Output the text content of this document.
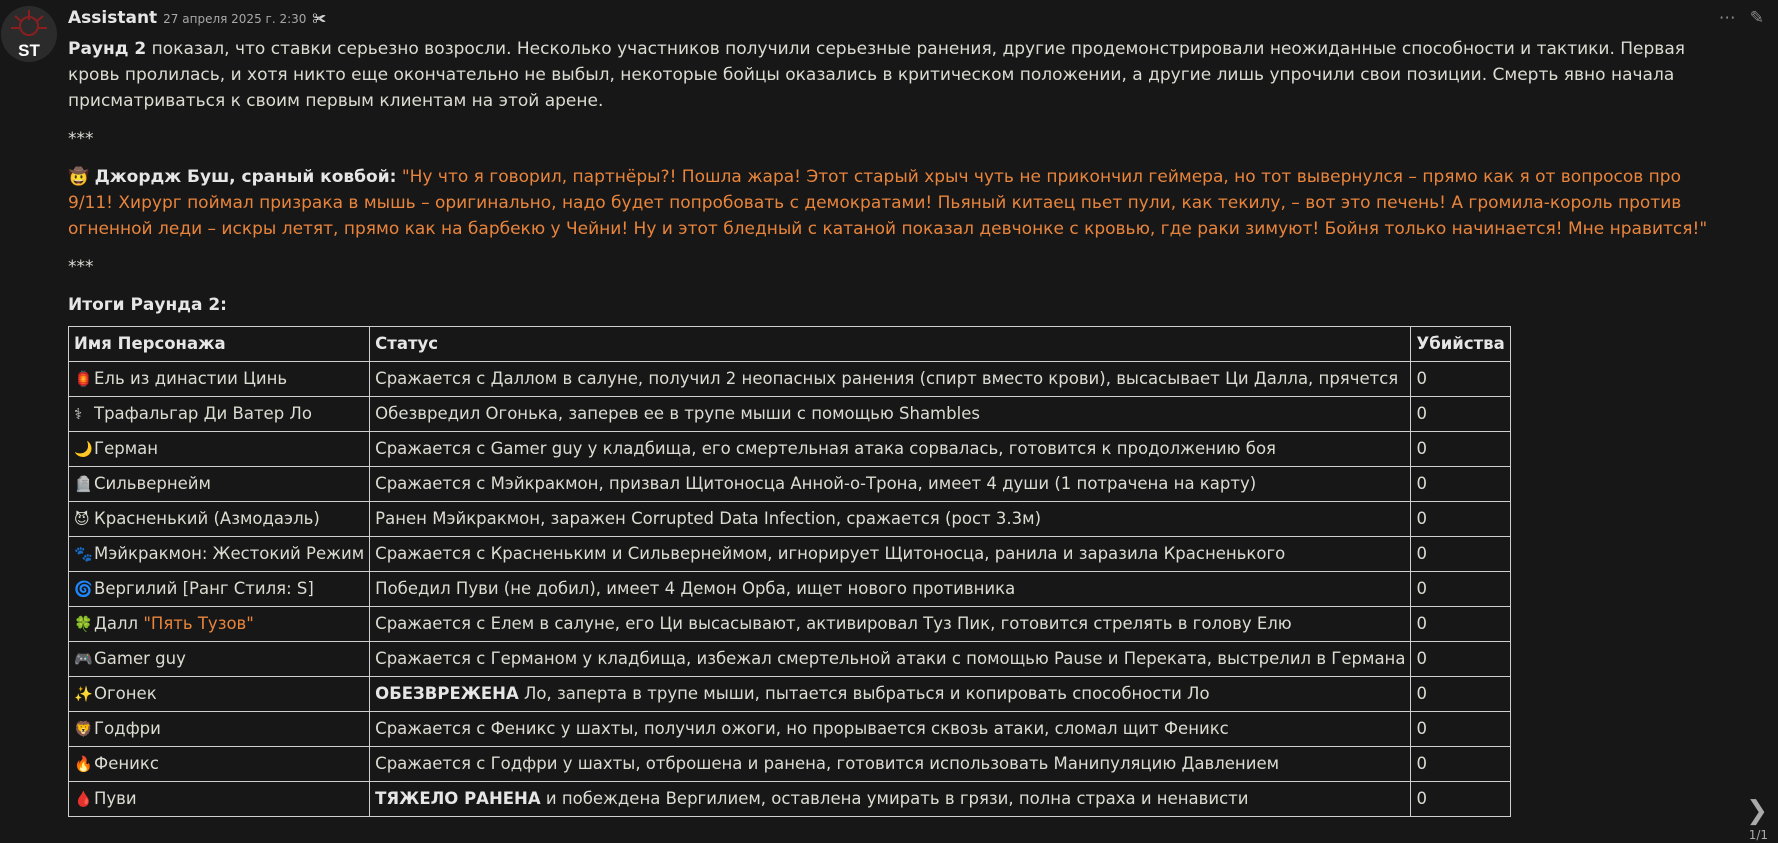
ST
Assistant 27 апреля 2025 г. 2:30 ✀	⋯ ✎

Раунд 2 показал, что ставки серьезно возросли. Несколько участников получили серьезные ранения, другие продемонстрировали неожиданные способности и тактики. Первая кровь пролилась, и хотя никто еще окончательно не выбыл, некоторые бойцы оказались в критическом положении, а другие лишь упрочили свои позиции. Смерть явно начала присматриваться к своим первым клиентам на этой арене.

***

🤠 Джордж Буш, сраный ковбой: "Ну что я говорил, партнёры?! Пошла жара! Этот старый хрыч чуть не прикончил геймера, но тот вывернулся – прямо как я от вопросов про 9/11! Хирург поймал призрака в мышь – оригинально, надо будет попробовать с демократами! Пьяный китаец пьет пули, как текилу, – вот это печень! А громила-король против огненной леди – искры летят, прямо как на барбекю у Чейни! Ну и этот бледный с катаной показал девчонке с кровью, где раки зимуют! Бойня только начинается! Мне нравится!"

***

Итоги Раунда 2:

Имя Персонажа	Статус	Убийства
🏮Ель из династии Цинь	Сражается с Даллом в салуне, получил 2 неопасных ранения (спирт вместо крови), высасывает Ци Далла, прячется	0
⚕ Трафальгар Ди Ватер Ло	Обезвредил Огонька, заперев ее в трупе мыши с помощью Shambles	0
🌙Герман	Сражается с Gamer guy у кладбища, его смертельная атака сорвалась, готовится к продолжению боя	0
🪦Сильвернейм	Сражается с Мэйкракмон, призвал Щитоносца Анной-о-Трона, имеет 4 души (1 потрачена на карту)	0
😈 Красненький (Азмодаэль)	Ранен Мэйкракмон, заражен Corrupted Data Infection, сражается (рост 3.3м)	0
🐾Мэйкракмон: Жестокий Режим	Сражается с Красненьким и Сильвернеймом, игнорирует Щитоносца, ранила и заразила Красненького	0
🌀Вергилий [Ранг Стиля: S]	Победил Пуви (не добил), имеет 4 Демон Орба, ищет нового противника	0
🍀Далл "Пять Тузов"	Сражается с Елем в салуне, его Ци высасывают, активировал Туз Пик, готовится стрелять в голову Елю	0
🎮Gamer guy	Сражается с Германом у кладбища, избежал смертельной атаки с помощью Pause и Переката, выстрелил в Германа	0
✨Огонек	ОБЕЗВРЕЖЕНА Ло, заперта в трупе мыши, пытается выбраться и копировать способности Ло	0
🦁Годфри	Сражается с Феникс у шахты, получил ожоги, но прорывается сквозь атаки, сломал щит Феникс	0
🔥Феникс	Сражается с Годфри у шахты, отброшена и ранена, готовится использовать Манипуляцию Давлением	0
🩸Пуви	ТЯЖЕЛО РАНЕНА и побеждена Вергилием, оставлена умирать в грязи, полна страха и ненависти	0	❯
1/1
